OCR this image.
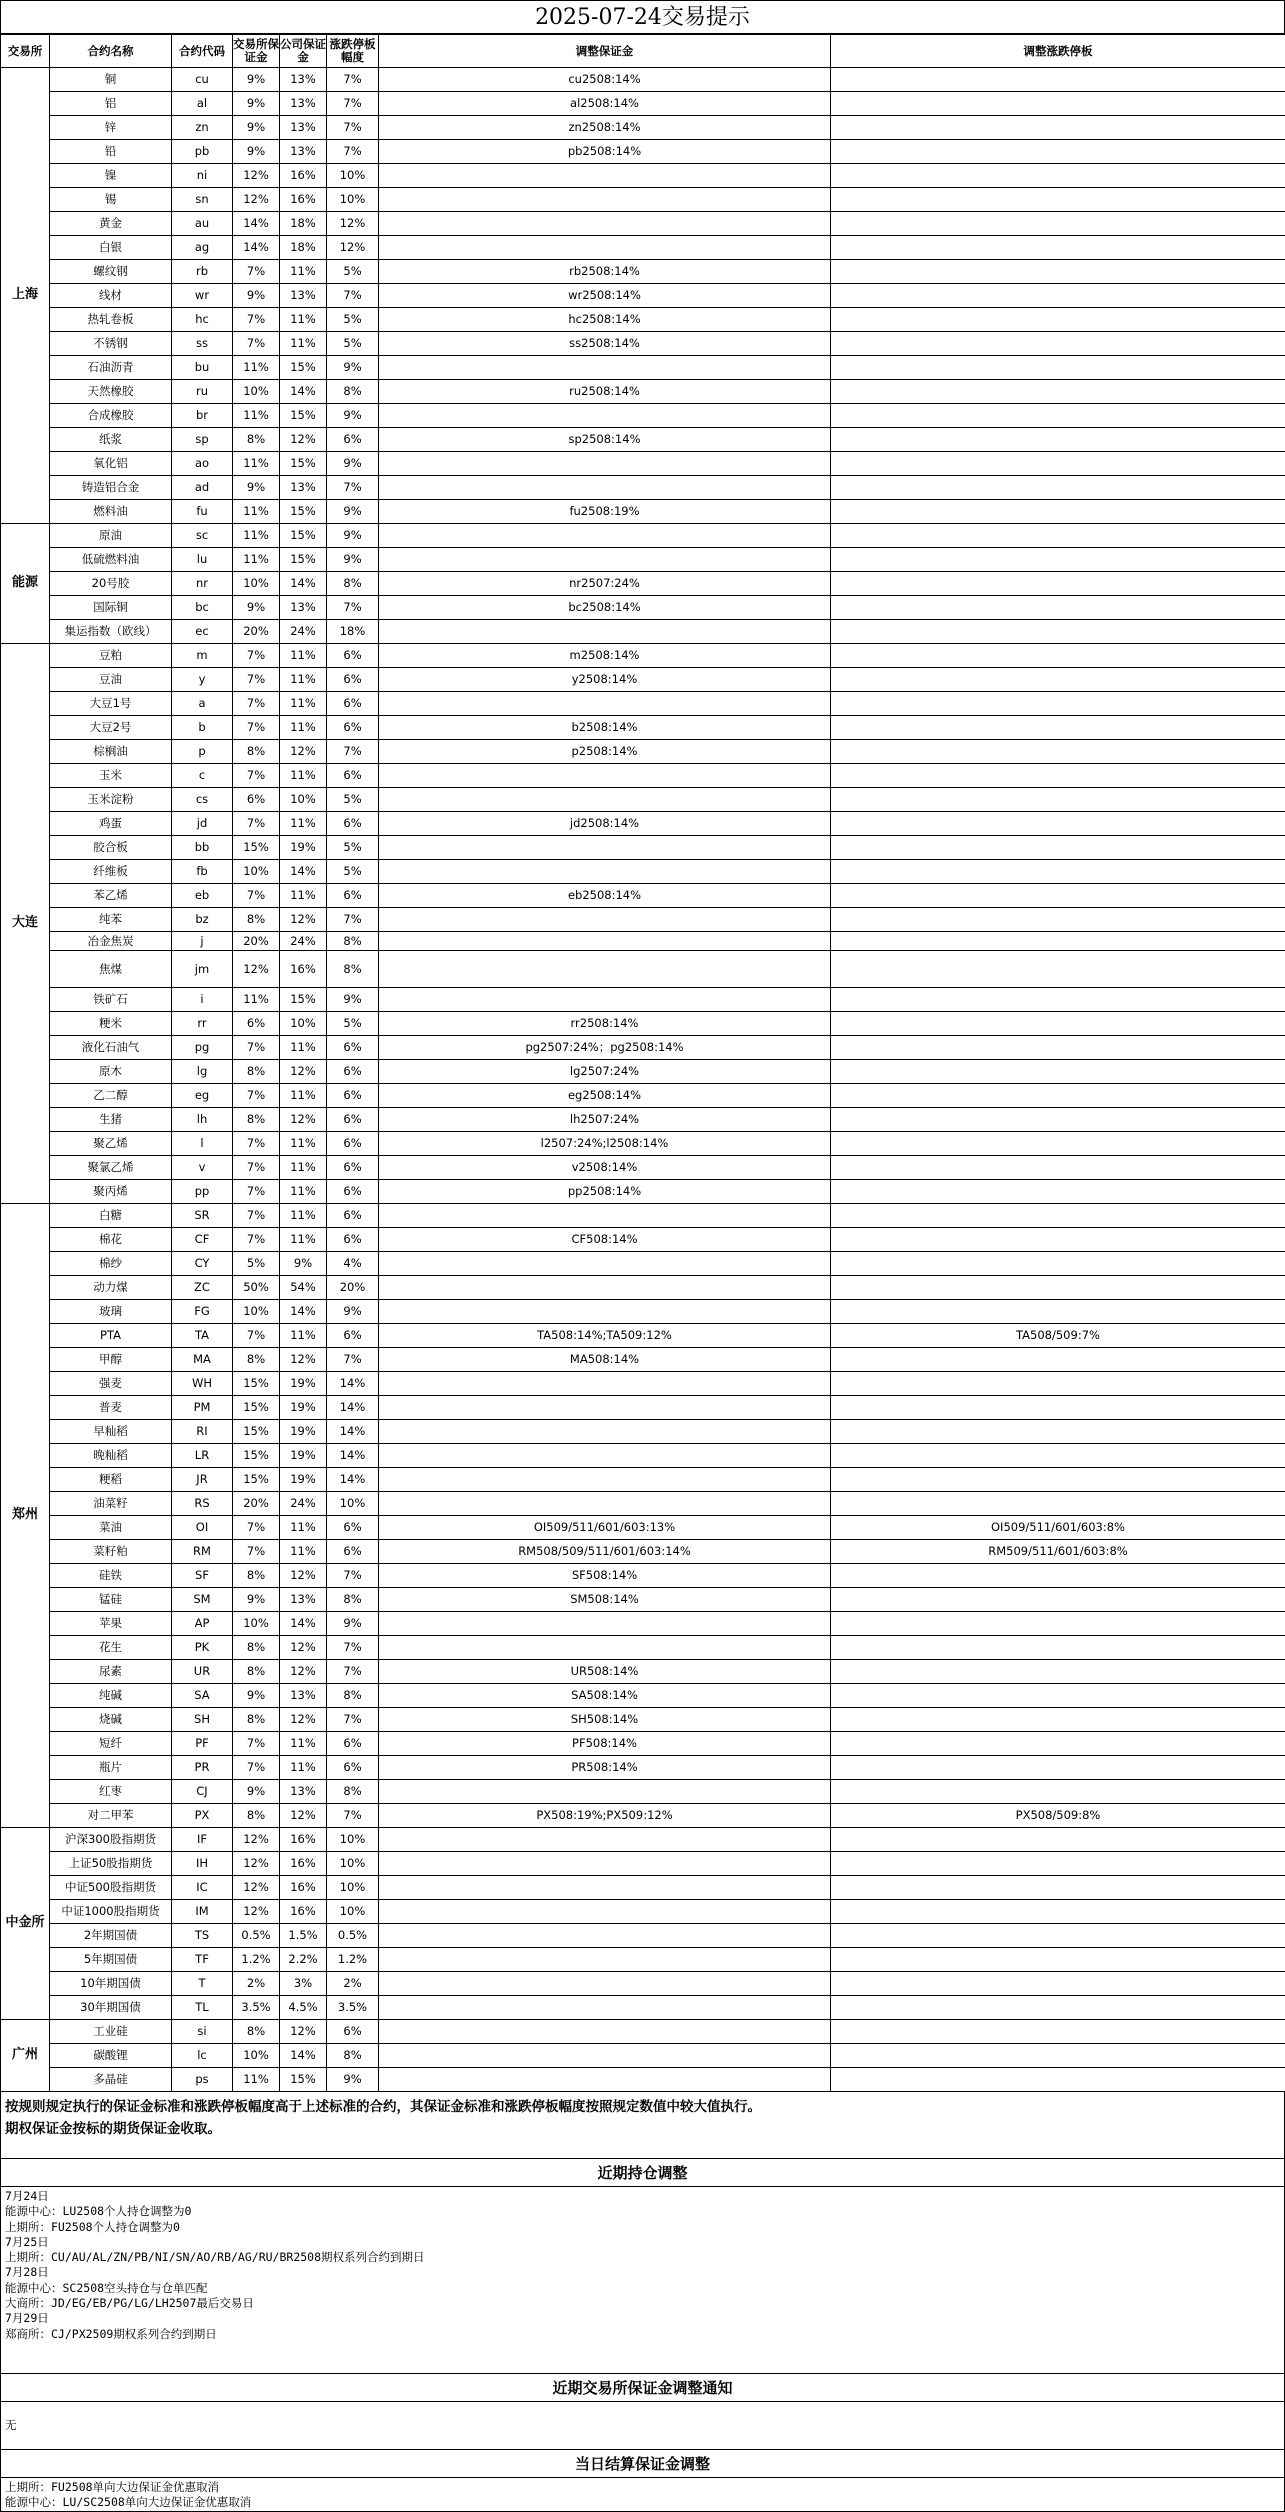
2025-07-24交易提示
交易所	合约名称	合约代码	交易所保证金	公司保证金	涨跌停板幅度	调整保证金	调整涨跌停板
上海	铜	cu	9%	13%	7%	cu2508:14%	
	铝	al	9%	13%	7%	al2508:14%	
	锌	zn	9%	13%	7%	zn2508:14%	
	铅	pb	9%	13%	7%	pb2508:14%	
	镍	ni	12%	16%	10%		
	锡	sn	12%	16%	10%		
	黄金	au	14%	18%	12%		
	白银	ag	14%	18%	12%		
	螺纹钢	rb	7%	11%	5%	rb2508:14%	
	线材	wr	9%	13%	7%	wr2508:14%	
	热轧卷板	hc	7%	11%	5%	hc2508:14%	
	不锈钢	ss	7%	11%	5%	ss2508:14%	
	石油沥青	bu	11%	15%	9%		
	天然橡胶	ru	10%	14%	8%	ru2508:14%	
	合成橡胶	br	11%	15%	9%		
	纸浆	sp	8%	12%	6%	sp2508:14%	
	氧化铝	ao	11%	15%	9%		
	铸造铝合金	ad	9%	13%	7%		
	燃料油	fu	11%	15%	9%	fu2508:19%	
能源	原油	sc	11%	15%	9%		
	低硫燃料油	lu	11%	15%	9%		
	20号胶	nr	10%	14%	8%	nr2507:24%	
	国际铜	bc	9%	13%	7%	bc2508:14%	
	集运指数（欧线）	ec	20%	24%	18%		
大连	豆粕	m	7%	11%	6%	m2508:14%	
	豆油	y	7%	11%	6%	y2508:14%	
	大豆1号	a	7%	11%	6%		
	大豆2号	b	7%	11%	6%	b2508:14%	
	棕榈油	p	8%	12%	7%	p2508:14%	
	玉米	c	7%	11%	6%		
	玉米淀粉	cs	6%	10%	5%		
	鸡蛋	jd	7%	11%	6%	jd2508:14%	
	胶合板	bb	15%	19%	5%		
	纤维板	fb	10%	14%	5%		
	苯乙烯	eb	7%	11%	6%	eb2508:14%	
	纯苯	bz	8%	12%	7%		
	冶金焦炭	j	20%	24%	8%		
	焦煤	jm	12%	16%	8%		
	铁矿石	i	11%	15%	9%		
	粳米	rr	6%	10%	5%	rr2508:14%	
	液化石油气	pg	7%	11%	6%	pg2507:24%；pg2508:14%	
	原木	lg	8%	12%	6%	lg2507:24%	
	乙二醇	eg	7%	11%	6%	eg2508:14%	
	生猪	lh	8%	12%	6%	lh2507:24%	
	聚乙烯	l	7%	11%	6%	l2507:24%;l2508:14%	
	聚氯乙烯	v	7%	11%	6%	v2508:14%	
	聚丙烯	pp	7%	11%	6%	pp2508:14%	
郑州	白糖	SR	7%	11%	6%		
	棉花	CF	7%	11%	6%	CF508:14%	
	棉纱	CY	5%	9%	4%		
	动力煤	ZC	50%	54%	20%		
	玻璃	FG	10%	14%	9%		
	PTA	TA	7%	11%	6%	TA508:14%;TA509:12%	TA508/509:7%
	甲醇	MA	8%	12%	7%	MA508:14%	
	强麦	WH	15%	19%	14%		
	普麦	PM	15%	19%	14%		
	早籼稻	RI	15%	19%	14%		
	晚籼稻	LR	15%	19%	14%		
	粳稻	JR	15%	19%	14%		
	油菜籽	RS	20%	24%	10%		
	菜油	OI	7%	11%	6%	OI509/511/601/603:13%	OI509/511/601/603:8%
	菜籽粕	RM	7%	11%	6%	RM508/509/511/601/603:14%	RM509/511/601/603:8%
	硅铁	SF	8%	12%	7%	SF508:14%	
	锰硅	SM	9%	13%	8%	SM508:14%	
	苹果	AP	10%	14%	9%		
	花生	PK	8%	12%	7%		
	尿素	UR	8%	12%	7%	UR508:14%	
	纯碱	SA	9%	13%	8%	SA508:14%	
	烧碱	SH	8%	12%	7%	SH508:14%	
	短纤	PF	7%	11%	6%	PF508:14%	
	瓶片	PR	7%	11%	6%	PR508:14%	
	红枣	CJ	9%	13%	8%		
	对二甲苯	PX	8%	12%	7%	PX508:19%;PX509:12%	PX508/509:8%
中金所	沪深300股指期货	IF	12%	16%	10%		
	上证50股指期货	IH	12%	16%	10%		
	中证500股指期货	IC	12%	16%	10%		
	中证1000股指期货	IM	12%	16%	10%		
	2年期国债	TS	0.5%	1.5%	0.5%		
	5年期国债	TF	1.2%	2.2%	1.2%		
	10年期国债	T	2%	3%	2%		
	30年期国债	TL	3.5%	4.5%	3.5%		
广州	工业硅	si	8%	12%	6%		
	碳酸锂	lc	10%	14%	8%		
	多晶硅	ps	11%	15%	9%		
按规则规定执行的保证金标准和涨跌停板幅度高于上述标准的合约，其保证金标准和涨跌停板幅度按照规定数值中较大值执行。
期权保证金按标的期货保证金收取。
近期持仓调整
7月24日
能源中心：LU2508个人持仓调整为0
上期所：FU2508个人持仓调整为0
7月25日
上期所：CU/AU/AL/ZN/PB/NI/SN/AO/RB/AG/RU/BR2508期权系列合约到期日
7月28日
能源中心：SC2508空头持仓与仓单匹配
大商所：JD/EG/EB/PG/LG/LH2507最后交易日
7月29日
郑商所：CJ/PX2509期权系列合约到期日
近期交易所保证金调整通知
无
当日结算保证金调整
上期所：FU2508单向大边保证金优惠取消
能源中心：LU/SC2508单向大边保证金优惠取消
